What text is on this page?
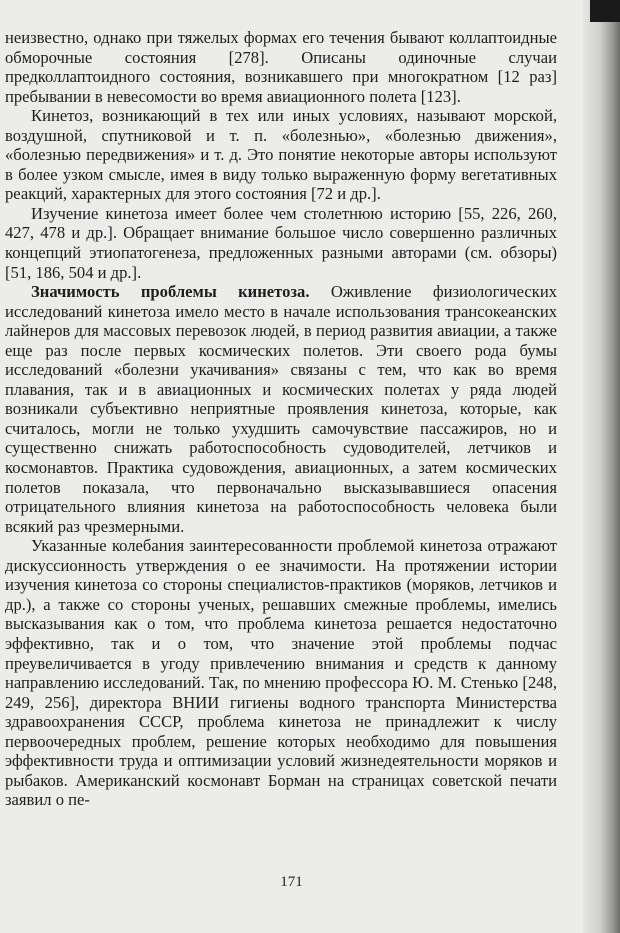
неизвестно, однако при тяжелых формах его течения бывают коллаптоидные обморочные состояния [278]. Описаны одиночные случаи предколлаптоидного состояния, возникавшего при многократном [12 раз] пребывании в невесомости во время авиационного полета [123].

Кинетоз, возникающий в тех или иных условиях, называют морской, воздушной, спутниковой и т. п. «болезнью», «болезнью движения», «болезнью передвижения» и т. д. Это понятие некоторые авторы используют в более узком смысле, имея в виду только выраженную форму вегетативных реакций, характерных для этого состояния [72 и др.].

Изучение кинетоза имеет более чем столетнюю историю [55, 226, 260, 427, 478 и др.]. Обращает внимание большое число совершенно различных концепций этиопатогенеза, предложенных разными авторами (см. обзоры) [51, 186, 504 и др.].

Значимость проблемы кинетоза. Оживление физиологических исследований кинетоза имело место в начале использования трансокеанских лайнеров для массовых перевозок людей, в период развития авиации, а также еще раз после первых космических полетов. Эти своего рода бумы исследований «болезни укачивания» связаны с тем, что как во время плавания, так и в авиационных и космических полетах у ряда людей возникали субъективно неприятные проявления кинетоза, которые, как считалось, могли не только ухудшить самочувствие пассажиров, но и существенно снижать работоспособность судоводителей, летчиков и космонавтов. Практика судовождения, авиационных, а затем космических полетов показала, что первоначально высказывавшиеся опасения отрицательного влияния кинетоза на работоспособность человека были всякий раз чрезмерными.

Указанные колебания заинтересованности проблемой кинетоза отражают дискуссионность утверждения о ее значимости. На протяжении истории изучения кинетоза со стороны специалистов-практиков (моряков, летчиков и др.), а также со стороны ученых, решавших смежные проблемы, имелись высказывания как о том, что проблема кинетоза решается недостаточно эффективно, так и о том, что значение этой проблемы подчас преувеличивается в угоду привлечению внимания и средств к данному направлению исследований. Так, по мнению профессора Ю. М. Стенько [248, 249, 256], директора ВНИИ гигиены водного транспорта Министерства здравоохранения СССР, проблема кинетоза не принадлежит к числу первоочередных проблем, решение которых необходимо для повышения эффективности труда и оптимизации условий жизнедеятельности моряков и рыбаков. Американский космонавт Борман на страницах советской печати заявил о пе-

171
